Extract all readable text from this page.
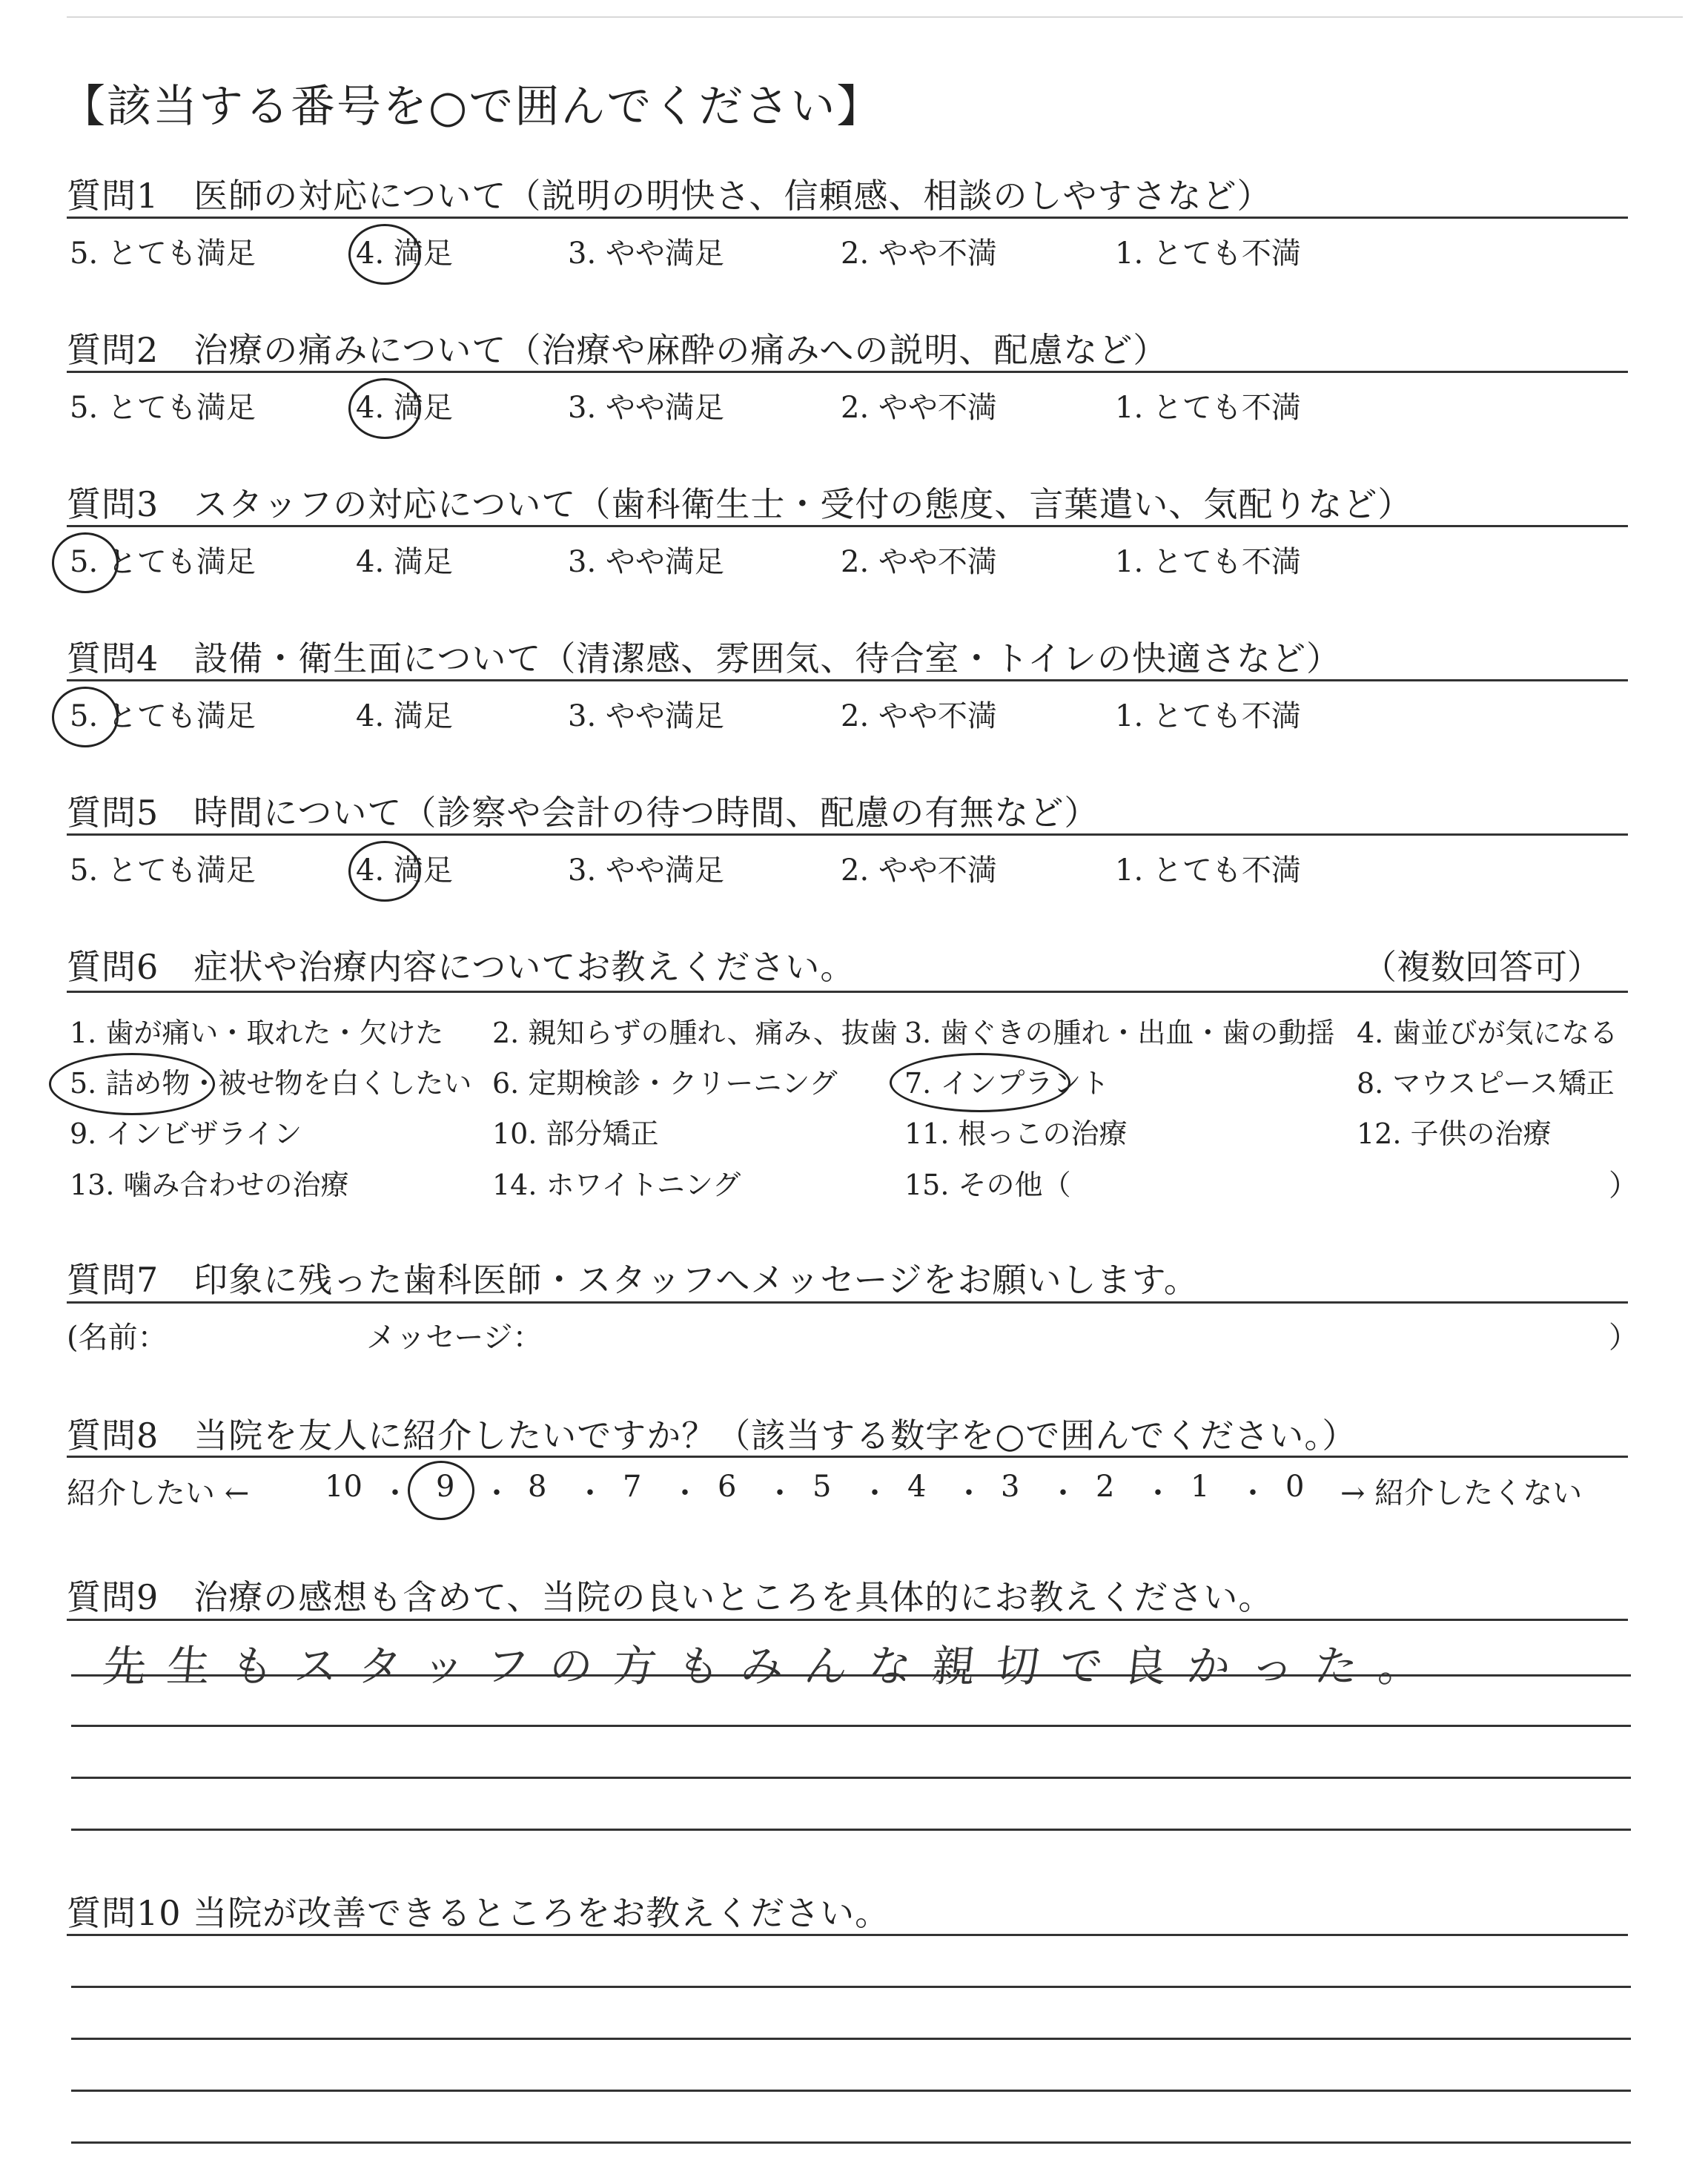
【該当する番号を○で囲んでください】
質問1　医師の対応について（説明の明快さ、信頼感、相談のしやすさなど）
5. とても満足	4. 満足	3. やや満足	2. やや不満	1. とても不満
質問2　治療の痛みについて（治療や麻酔の痛みへの説明、配慮など）
5. とても満足	4. 満足	3. やや満足	2. やや不満	1. とても不満
質問3　スタッフの対応について（歯科衛生士・受付の態度、言葉遣い、気配りなど）
5. とても満足	4. 満足	3. やや満足	2. やや不満	1. とても不満
質問4　設備・衛生面について（清潔感、雰囲気、待合室・トイレの快適さなど）
5. とても満足	4. 満足	3. やや満足	2. やや不満	1. とても不満
質問5　時間について（診察や会計の待つ時間、配慮の有無など）
5. とても満足	4. 満足	3. やや満足	2. やや不満	1. とても不満
質問6　症状や治療内容についてお教えください。	（複数回答可）
1. 歯が痛い・取れた・欠けた 2. 親知らずの腫れ、痛み、抜歯 3. 歯ぐきの腫れ・出血・歯の動揺 4. 歯並びが気になる
5. 詰め物・被せ物を白くしたい 6. 定期検診・クリーニング 7. インプラント	8. マウスピース矯正
9. インビザライン	10. 部分矯正	11. 根っこの治療	12. 子供の治療
13. 噛み合わせの治療	14. ホワイトニング	15. その他（	）
質問7　印象に残った歯科医師・スタッフへメッセージをお願いします。
(名前：	メッセージ：	）
質問8　当院を友人に紹介したいですか？（該当する数字を○で囲んでください。）
紹介したい ←	10 ・ 9 ・ 8 ・ 7 ・ 6 ・ 5 ・ 4 ・ 3 ・ 2 ・ 1 ・ 0 → 紹介したくない
質問9　治療の感想も含めて、当院の良いところを具体的にお教えください。
先生もスタッフの方もみんな親切で良かった。
質問10 当院が改善できるところをお教えください。
